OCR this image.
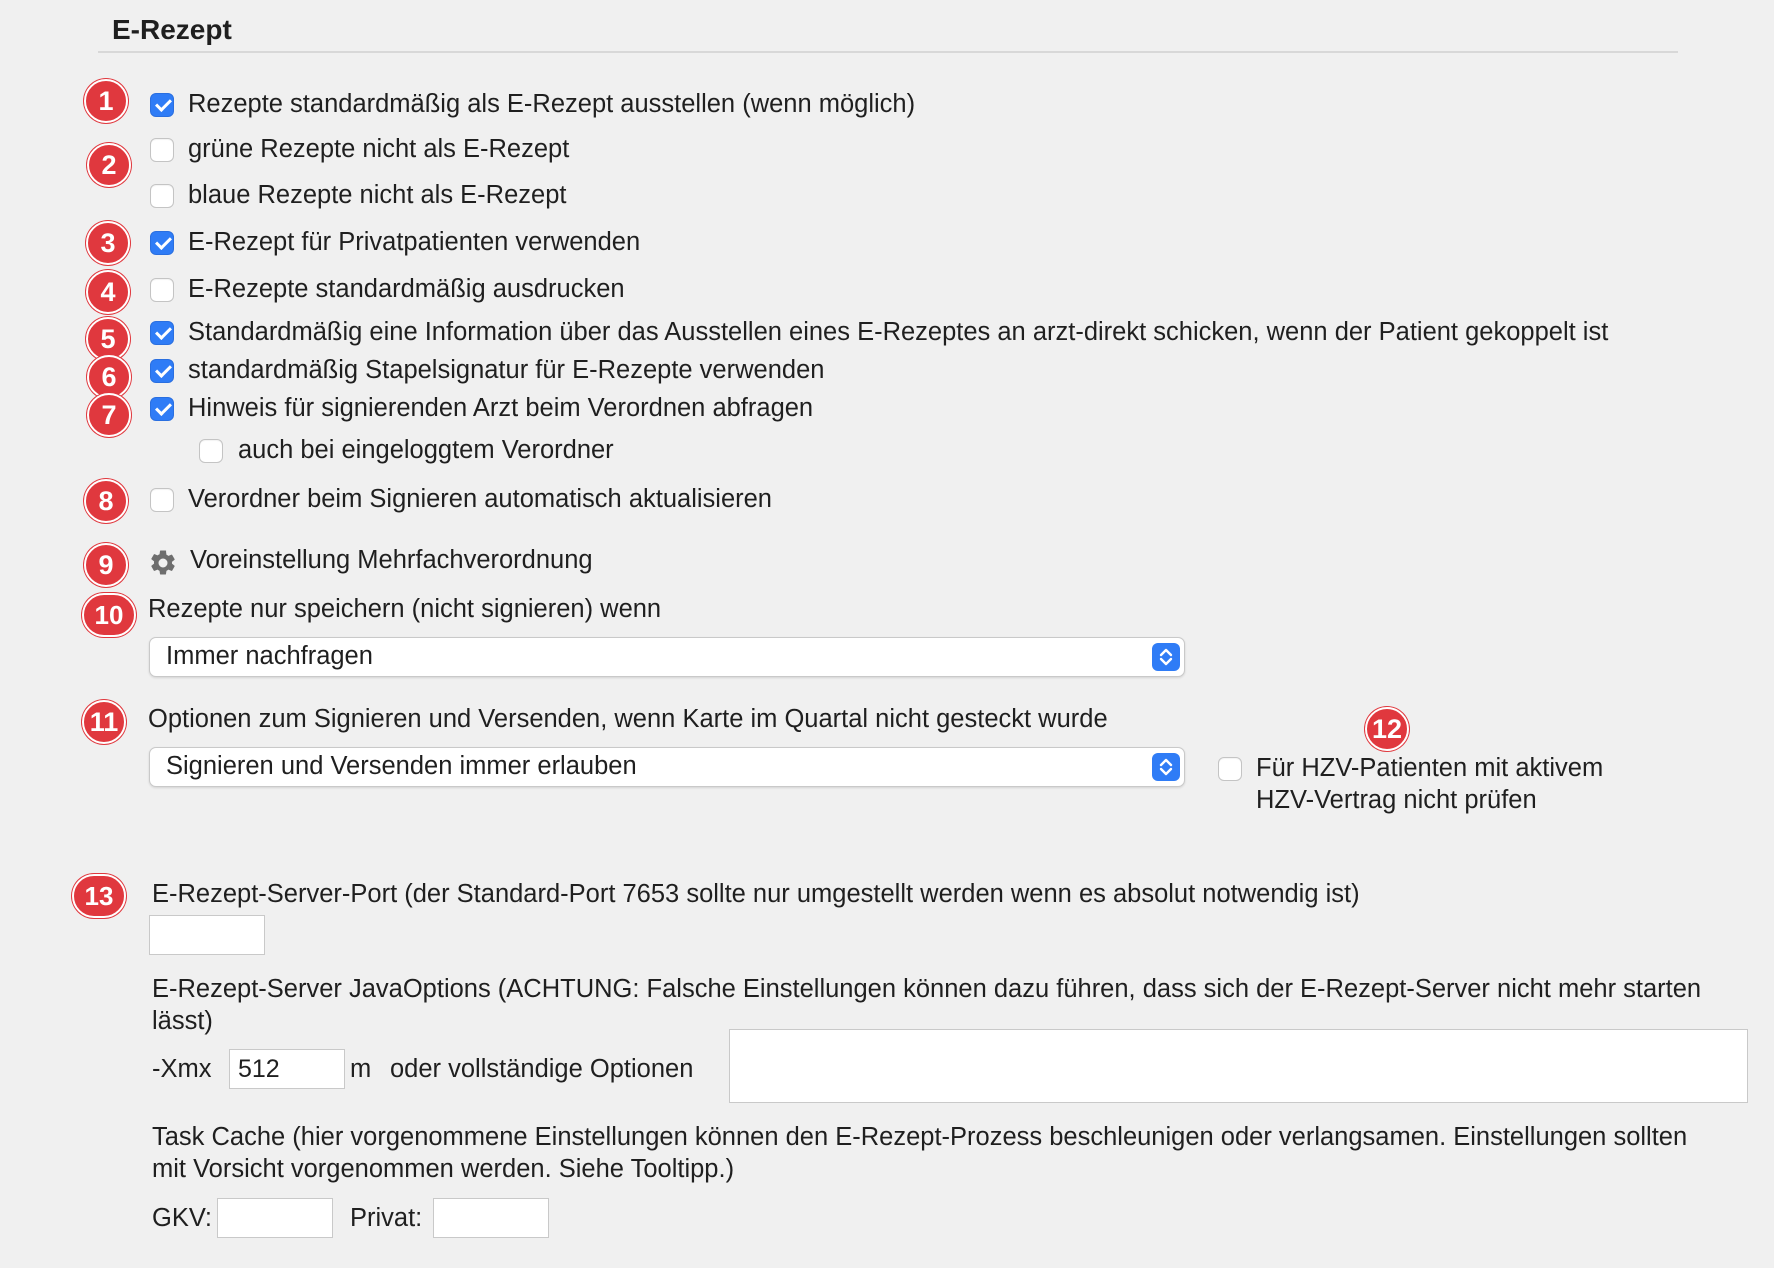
E-Rezept
1
2
3
4
5
6
7
8
9
10
11	12
13
Rezepte standardmäßig als E-Rezept ausstellen (wenn möglich)
grüne Rezepte nicht als E-Rezept
blaue Rezepte nicht als E-Rezept
E-Rezept für Privatpatienten verwenden
E-Rezepte standardmäßig ausdrucken
Standardmäßig eine Information über das Ausstellen eines E-Rezeptes an arzt-direkt schicken, wenn der Patient gekoppelt ist
standardmäßig Stapelsignatur für E-Rezepte verwenden
Hinweis für signierenden Arzt beim Verordnen abfragen
auch bei eingeloggtem Verordner
Verordner beim Signieren automatisch aktualisieren
Voreinstellung Mehrfachverordnung
Rezepte nur speichern (nicht signieren) wenn
Immer nachfragen
Optionen zum Signieren und Versenden, wenn Karte im Quartal nicht gesteckt wurde
Signieren und Versenden immer erlauben	Für HZV-Patienten mit aktivem
HZV-Vertrag nicht prüfen
E-Rezept-Server-Port (der Standard-Port 7653 sollte nur umgestellt werden wenn es absolut notwendig ist)
E-Rezept-Server JavaOptions (ACHTUNG: Falsche Einstellungen können dazu führen, dass sich der E-Rezept-Server nicht mehr starten lässt)
-Xmx
512	m oder vollständige Optionen
Task Cache (hier vorgenommene Einstellungen können den E-Rezept-Prozess beschleunigen oder verlangsamen. Einstellungen sollten mit Vorsicht vorgenommen werden. Siehe Tooltipp.)
GKV:	Privat:
